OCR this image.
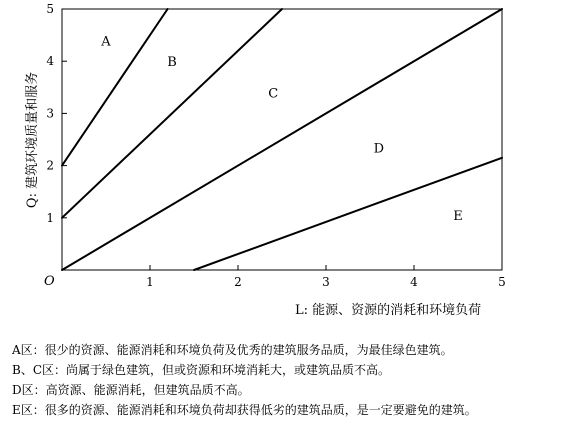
A
B
C
D
E
1	2	3	4	5
1
2
3
4
5
O
L: 能源、资源的消耗和环境负荷
Q: 建筑环境质量和服务
A区：很少的资源、能源消耗和环境负荷及优秀的建筑服务品质，为最佳绿色建筑。
B、C区：尚属于绿色建筑，但或资源和环境消耗大，或建筑品质不高。
D区：高资源、能源消耗，但建筑品质不高。
E区：很多的资源、能源消耗和环境负荷却获得低劣的建筑品质，是一定要避免的建筑。
